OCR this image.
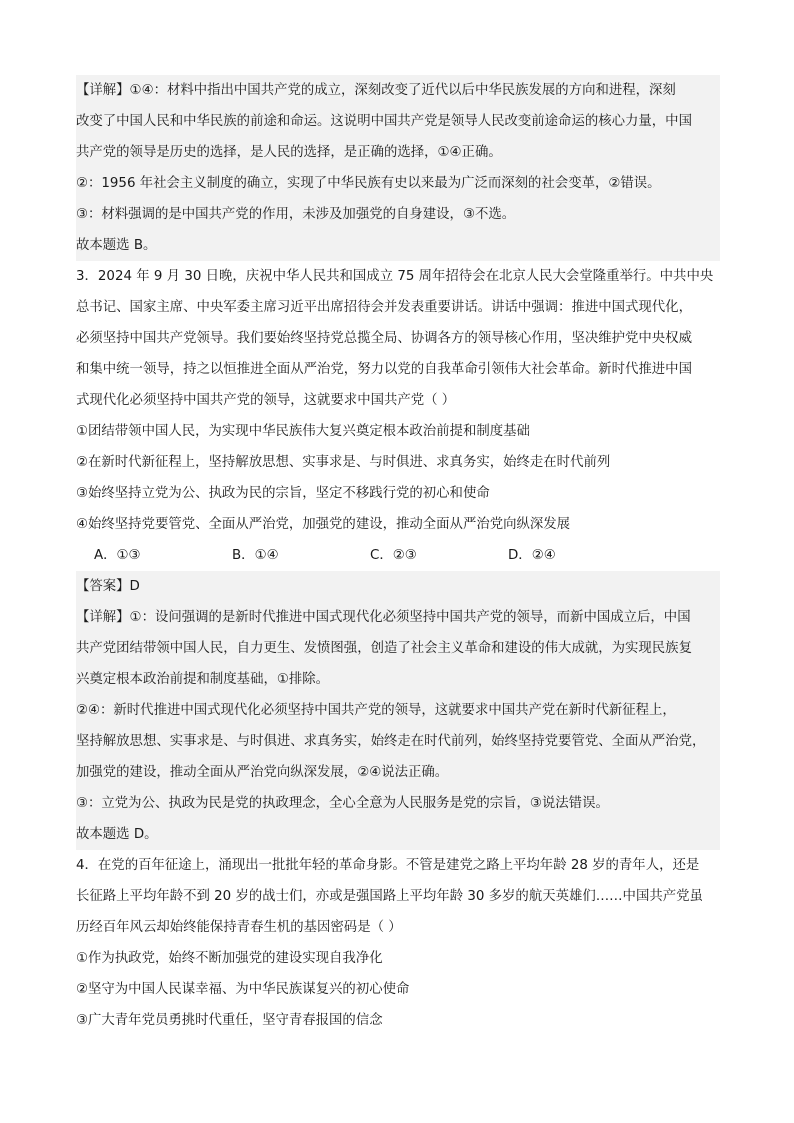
【详解】①④：材料中指出中国共产党的成立，深刻改变了近代以后中华民族发展的方向和进程，深刻
改变了中国人民和中华民族的前途和命运。这说明中国共产党是领导人民改变前途命运的核心力量，中国
共产党的领导是历史的选择，是人民的选择，是正确的选择，①④正确。
②：1956 年社会主义制度的确立，实现了中华民族有史以来最为广泛而深刻的社会变革，②错误。
③：材料强调的是中国共产党的作用，未涉及加强党的自身建设，③不选。
故本题选 B。
3．2024 年 9 月 30 日晚，庆祝中华人民共和国成立 75 周年招待会在北京人民大会堂隆重举行。中共中央
总书记、国家主席、中央军委主席习近平出席招待会并发表重要讲话。讲话中强调：推进中国式现代化，
必须坚持中国共产党领导。我们要始终坚持党总揽全局、协调各方的领导核心作用，坚决维护党中央权威
和集中统一领导，持之以恒推进全面从严治党，努力以党的自我革命引领伟大社会革命。新时代推进中国
式现代化必须坚持中国共产党的领导，这就要求中国共产党（ ）
①团结带领中国人民，为实现中华民族伟大复兴奠定根本政治前提和制度基础
②在新时代新征程上，坚持解放思想、实事求是、与时俱进、求真务实，始终走在时代前列
③始终坚持立党为公、执政为民的宗旨，坚定不移践行党的初心和使命
④始终坚持党要管党、全面从严治党，加强党的建设，推动全面从严治党向纵深发展
A．①③	B．①④	C．②③	D．②④
【答案】D
【详解】①：设问强调的是新时代推进中国式现代化必须坚持中国共产党的领导，而新中国成立后，中国
共产党团结带领中国人民，自力更生、发愤图强，创造了社会主义革命和建设的伟大成就，为实现民族复
兴奠定根本政治前提和制度基础，①排除。
②④：新时代推进中国式现代化必须坚持中国共产党的领导，这就要求中国共产党在新时代新征程上，
坚持解放思想、实事求是、与时俱进、求真务实，始终走在时代前列，始终坚持党要管党、全面从严治党，
加强党的建设，推动全面从严治党向纵深发展，②④说法正确。
③：立党为公、执政为民是党的执政理念，全心全意为人民服务是党的宗旨，③说法错误。
故本题选 D。
4．在党的百年征途上，涌现出一批批年轻的革命身影。不管是建党之路上平均年龄 28 岁的青年人，还是
长征路上平均年龄不到 20 岁的战士们，亦或是强国路上平均年龄 30 多岁的航天英雄们……中国共产党虽
历经百年风云却始终能保持青春生机的基因密码是（ ）
①作为执政党，始终不断加强党的建设实现自我净化
②坚守为中国人民谋幸福、为中华民族谋复兴的初心使命
③广大青年党员勇挑时代重任，坚守青春报国的信念
